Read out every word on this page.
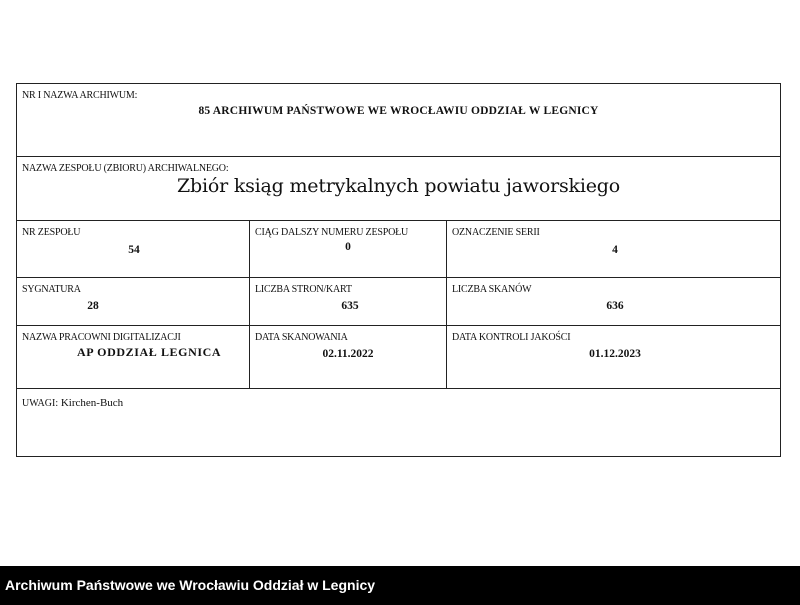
NR I NAZWA ARCHIWUM:
85 ARCHIWUM PAŃSTWOWE WE WROCŁAWIU ODDZIAŁ W LEGNICY
NAZWA ZESPOŁU (ZBIORU) ARCHIWALNEGO:
Zbiór ksiąg metrykalnych powiatu jaworskiego
NR ZESPOŁU
54
CIĄG DALSZY NUMERU ZESPOŁU
0
OZNACZENIE SERII
4
SYGNATURA
28
LICZBA STRON/KART
635
LICZBA SKANÓW
636
NAZWA PRACOWNI DIGITALIZACJI
AP ODDZIAŁ LEGNICA
DATA SKANOWANIA
02.11.2022
DATA KONTROLI JAKOŚCI
01.12.2023
UWAGI: Kirchen-Buch
Archiwum Państwowe we Wrocławiu Oddział w Legnicy
